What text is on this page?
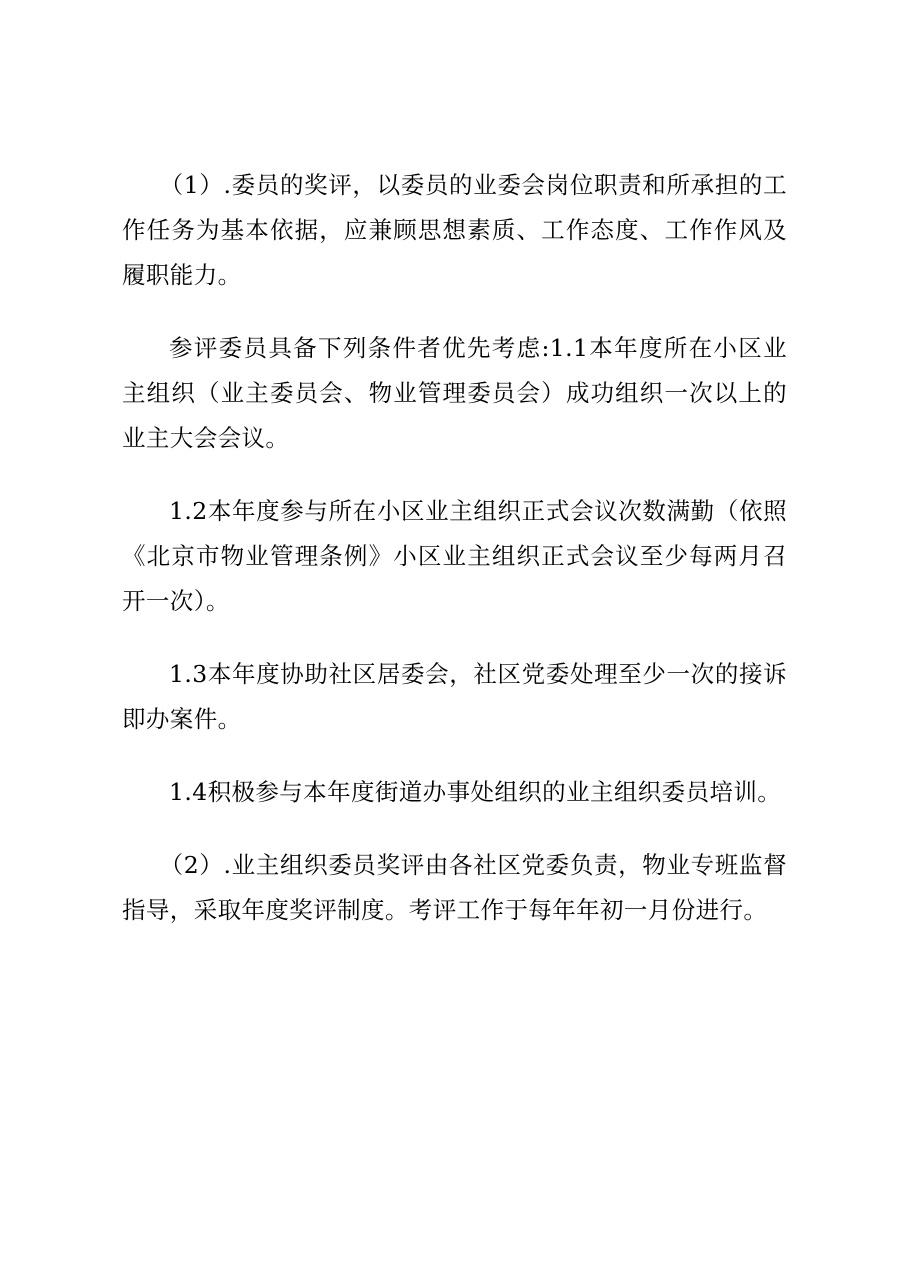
（1）.委员的奖评，以委员的业委会岗位职责和所承担的工作任务为基本依据，应兼顾思想素质、工作态度、工作作风及履职能力。

参评委员具备下列条件者优先考虑:1.1本年度所在小区业主组织（业主委员会、物业管理委员会）成功组织一次以上的业主大会会议。

1.2本年度参与所在小区业主组织正式会议次数满勤（依照《北京市物业管理条例》小区业主组织正式会议至少每两月召开一次）。

1.3本年度协助社区居委会，社区党委处理至少一次的接诉即办案件。

1.4积极参与本年度街道办事处组织的业主组织委员培训。

（2）.业主组织委员奖评由各社区党委负责，物业专班监督指导，采取年度奖评制度。考评工作于每年年初一月份进行。
